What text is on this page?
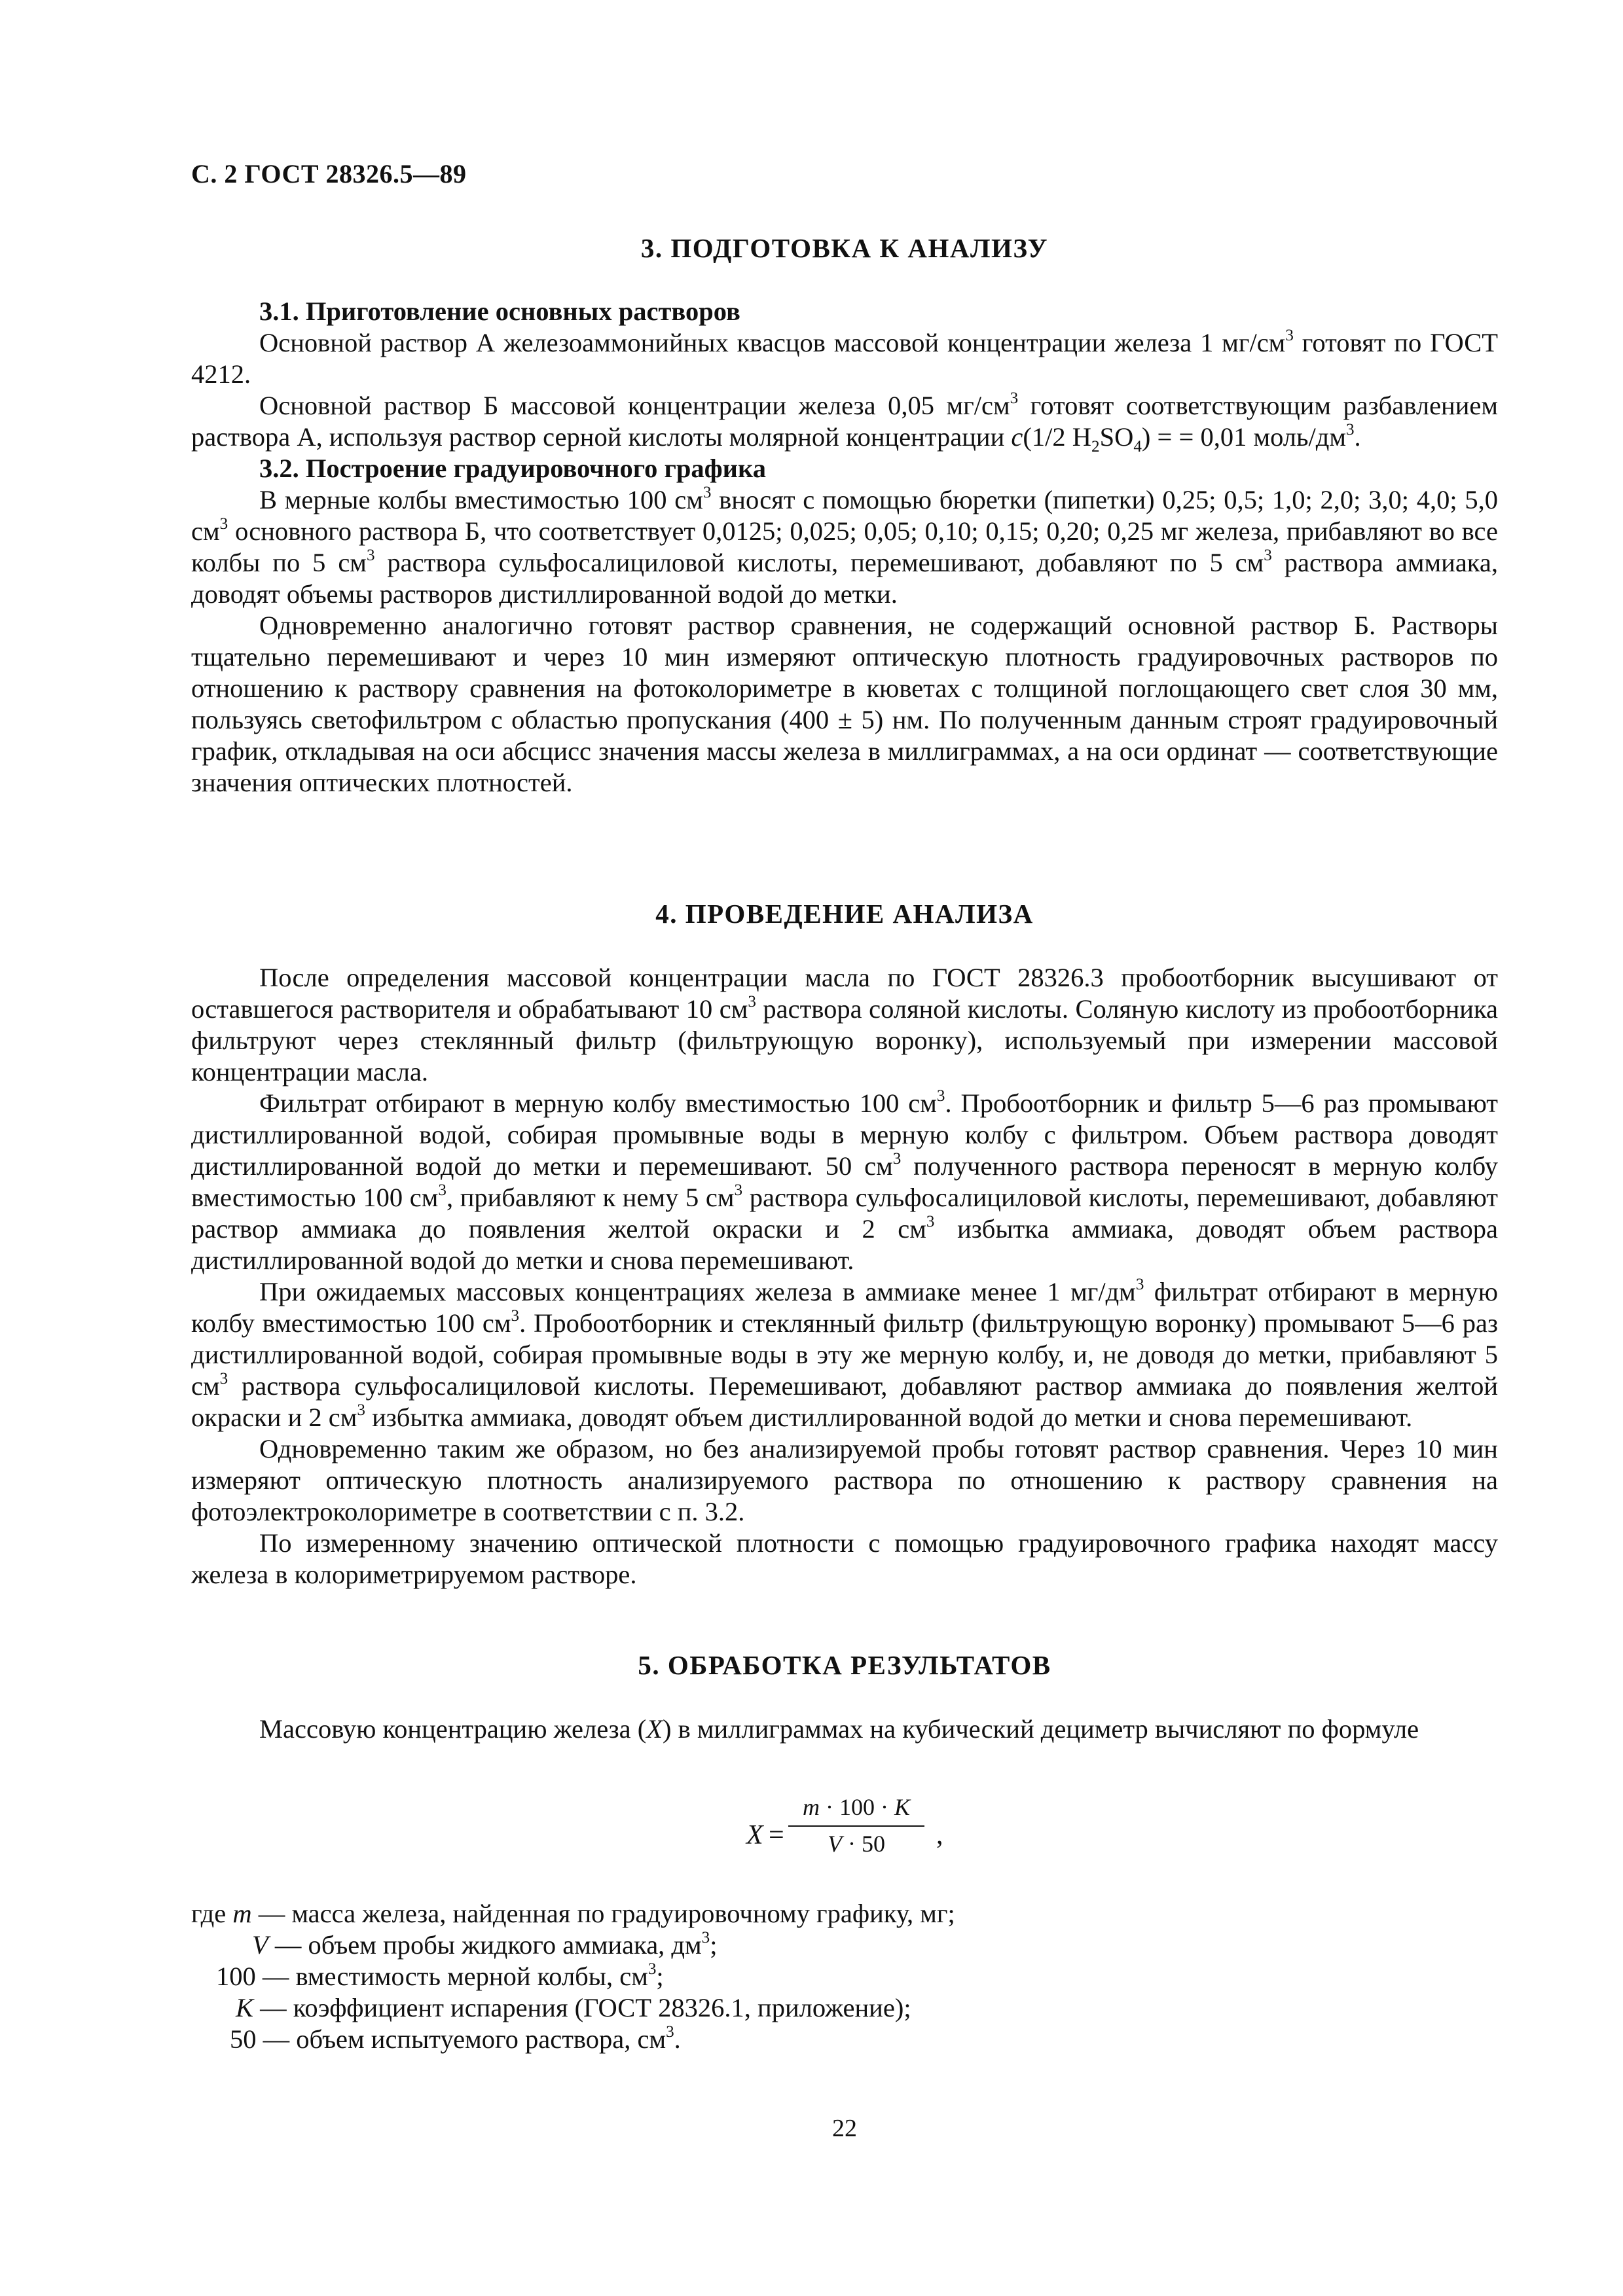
С. 2 ГОСТ 28326.5—89
3. ПОДГОТОВКА К АНАЛИЗУ

3.1. Приготовление основных растворов

Основной раствор А железоаммонийных квасцов массовой концентрации железа 1 $мг/см^3$ готовят по ГОСТ 4212.

Основной раствор Б массовой концентрации железа 0,05 $мг/см^3$ готовят соответствующим разбавлением раствора А, используя раствор серной кислоты молярной концентрации с(1/2 $H_2SO_4$) = = 0,01 моль/$дм^3$.

3.2. Построение градуировочного графика

В мерные колбы вместимостью 100 $см^3$ вносят с помощью бюретки (пипетки) 0,25; 0,5; 1,0; 2,0; 3,0; 4,0; 5,0 $см^3$ основного раствора Б, что соответствует 0,0125; 0,025; 0,05; 0,10; 0,15; 0,20; 0,25 мг железа, прибавляют во все колбы по 5 $см^3$ раствора сульфосалициловой кислоты, перемешивают, добавляют по 5 $см^3$ раствора аммиака, доводят объемы растворов дистиллированной водой до метки.

Одновременно аналогично готовят раствор сравнения, не содержащий основной раствор Б. Растворы тщательно перемешивают и через 10 мин измеряют оптическую плотность градуировочных растворов по отношению к раствору сравнения на фотоколориметре в кюветах с толщиной поглощающего свет слоя 30 мм, пользуясь светофильтром с областью пропускания (400 ± 5) нм. По полученным данным строят градуировочный график, откладывая на оси абсцисс значения массы железа в миллиграммах, а на оси ординат — соответствующие значения оптических плотностей.

4. ПРОВЕДЕНИЕ АНАЛИЗА

После определения массовой концентрации масла по ГОСТ 28326.3 пробоотборник высушивают от оставшегося растворителя и обрабатывают 10 $см^3$ раствора соляной кислоты. Соляную кислоту из пробоотборника фильтруют через стеклянный фильтр (фильтрующую воронку), используемый при измерении массовой концентрации масла.

Фильтрат отбирают в мерную колбу вместимостью 100 $см^3$. Пробоотборник и фильтр 5—6 раз промывают дистиллированной водой, собирая промывные воды в мерную колбу с фильтром. Объем раствора доводят дистиллированной водой до метки и перемешивают. 50 $см^3$ полученного раствора переносят в мерную колбу вместимостью 100 $см^3$, прибавляют к нему 5 $см^3$ раствора сульфосалициловой кислоты, перемешивают, добавляют раствор аммиака до появления желтой окраски и 2 $см^3$ избытка аммиака, доводят объем раствора дистиллированной водой до метки и снова перемешивают.

При ожидаемых массовых концентрациях железа в аммиаке менее 1 $мг/дм^3$ фильтрат отбирают в мерную колбу вместимостью 100 $см^3$. Пробоотборник и стеклянный фильтр (фильтрующую воронку) промывают 5—6 раз дистиллированной водой, собирая промывные воды в эту же мерную колбу, и, не доводя до метки, прибавляют 5 $см^3$ раствора сульфосалициловой кислоты. Перемешивают, добавляют раствор аммиака до появления желтой окраски и 2 $см^3$ избытка аммиака, доводят объем дистиллированной водой до метки и снова перемешивают.

Одновременно таким же образом, но без анализируемой пробы готовят раствор сравнения. Через 10 мин измеряют оптическую плотность анализируемого раствора по отношению к раствору сравнения на фотоэлектроколориметре в соответствии с п. 3.2.

По измеренному значению оптической плотности с помощью градуировочного графика находят массу железа в колориметрируемом растворе.

5. ОБРАБОТКА РЕЗУЛЬТАТОВ

Массовую концентрацию железа (X) в миллиграммах на кубический дециметр вычисляют по формуле

X =
m · 100 · K
V · 50	,
где m — масса железа, найденная по градуировочному графику, мг;
V — объем пробы жидкого аммиака, $дм^3$;
100 — вместимость мерной колбы, $см^3$;
K — коэффициент испарения (ГОСТ 28326.1, приложение);
50 — объем испытуемого раствора, $см^3$.
22
